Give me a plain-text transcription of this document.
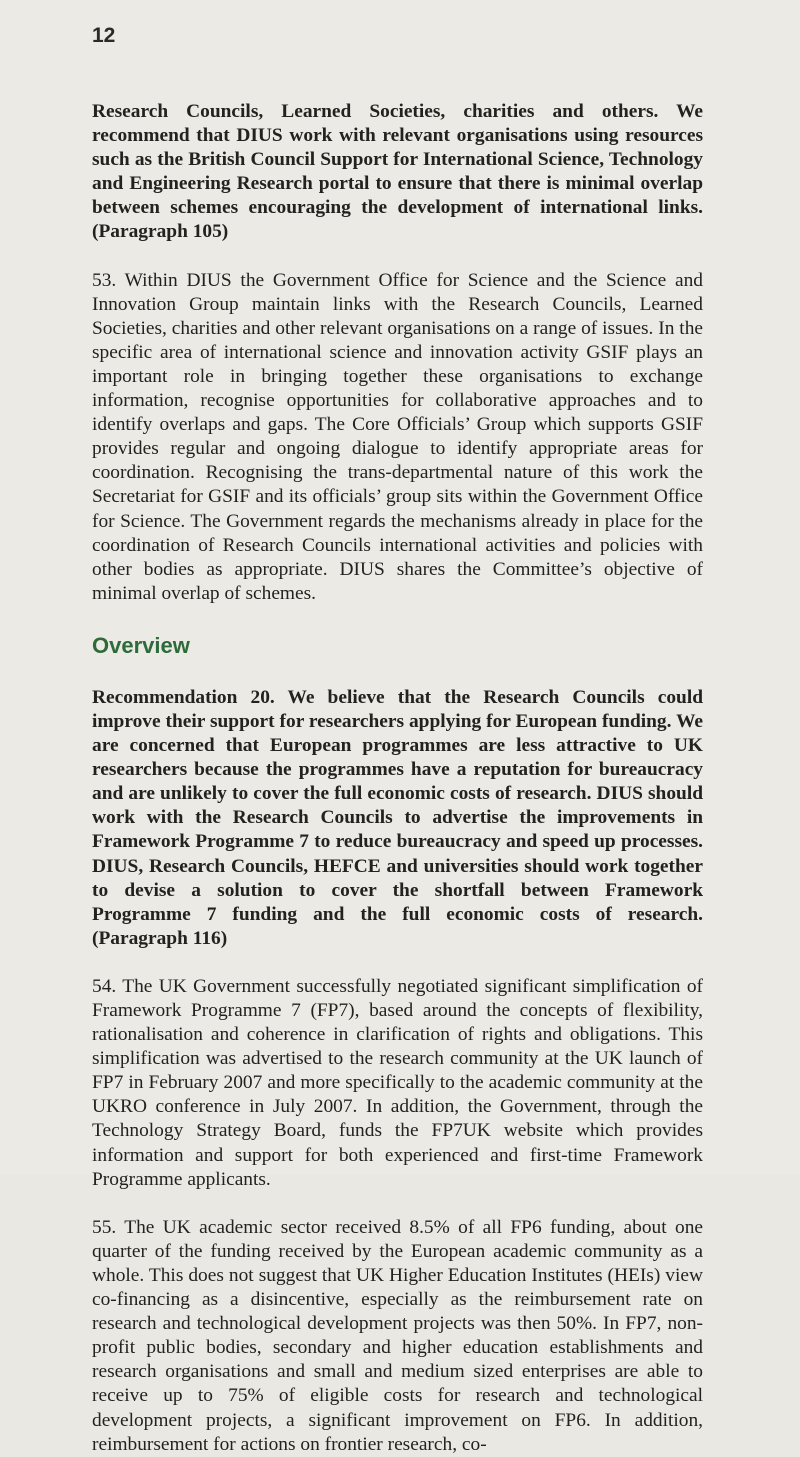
12

Research Councils, Learned Societies, charities and others. We recommend that DIUS work with relevant organisations using resources such as the British Council Support for International Science, Technology and Engineering Research portal to ensure that there is minimal overlap between schemes encouraging the development of international links. (Paragraph 105)

53. Within DIUS the Government Office for Science and the Science and Innovation Group maintain links with the Research Councils, Learned Societies, charities and other relevant organisations on a range of issues. In the specific area of international science and innovation activity GSIF plays an important role in bringing together these organisations to exchange information, recognise opportunities for collaborative approaches and to identify overlaps and gaps. The Core Officials’ Group which supports GSIF provides regular and ongoing dialogue to identify appropriate areas for coordination. Recognising the trans-departmental nature of this work the Secretariat for GSIF and its officials’ group sits within the Government Office for Science. The Government regards the mechanisms already in place for the coordination of Research Councils international activities and policies with other bodies as appropriate. DIUS shares the Committee’s objective of minimal overlap of schemes.

Overview

Recommendation 20. We believe that the Research Councils could improve their support for researchers applying for European funding. We are concerned that European programmes are less attractive to UK researchers because the programmes have a reputation for bureaucracy and are unlikely to cover the full economic costs of research. DIUS should work with the Research Councils to advertise the improvements in Framework Programme 7 to reduce bureaucracy and speed up processes. DIUS, Research Councils, HEFCE and universities should work together to devise a solution to cover the shortfall between Framework Programme 7 funding and the full economic costs of research. (Paragraph 116)

54. The UK Government successfully negotiated significant simplification of Framework Programme 7 (FP7), based around the concepts of flexibility, rationalisation and coherence in clarification of rights and obligations. This simplification was advertised to the research community at the UK launch of FP7 in February 2007 and more specifically to the academic community at the UKRO conference in July 2007. In addition, the Government, through the Technology Strategy Board, funds the FP7UK website which provides information and support for both experienced and first-time Framework Programme applicants.

55. The UK academic sector received 8.5% of all FP6 funding, about one quarter of the funding received by the European academic community as a whole. This does not suggest that UK Higher Education Institutes (HEIs) view co-financing as a disincentive, especially as the reimbursement rate on research and technological development projects was then 50%. In FP7, non-profit public bodies, secondary and higher education establishments and research organisations and small and medium sized enterprises are able to receive up to 75% of eligible costs for research and technological development projects, a significant improvement on FP6. In addition, reimbursement for actions on frontier research, co-
